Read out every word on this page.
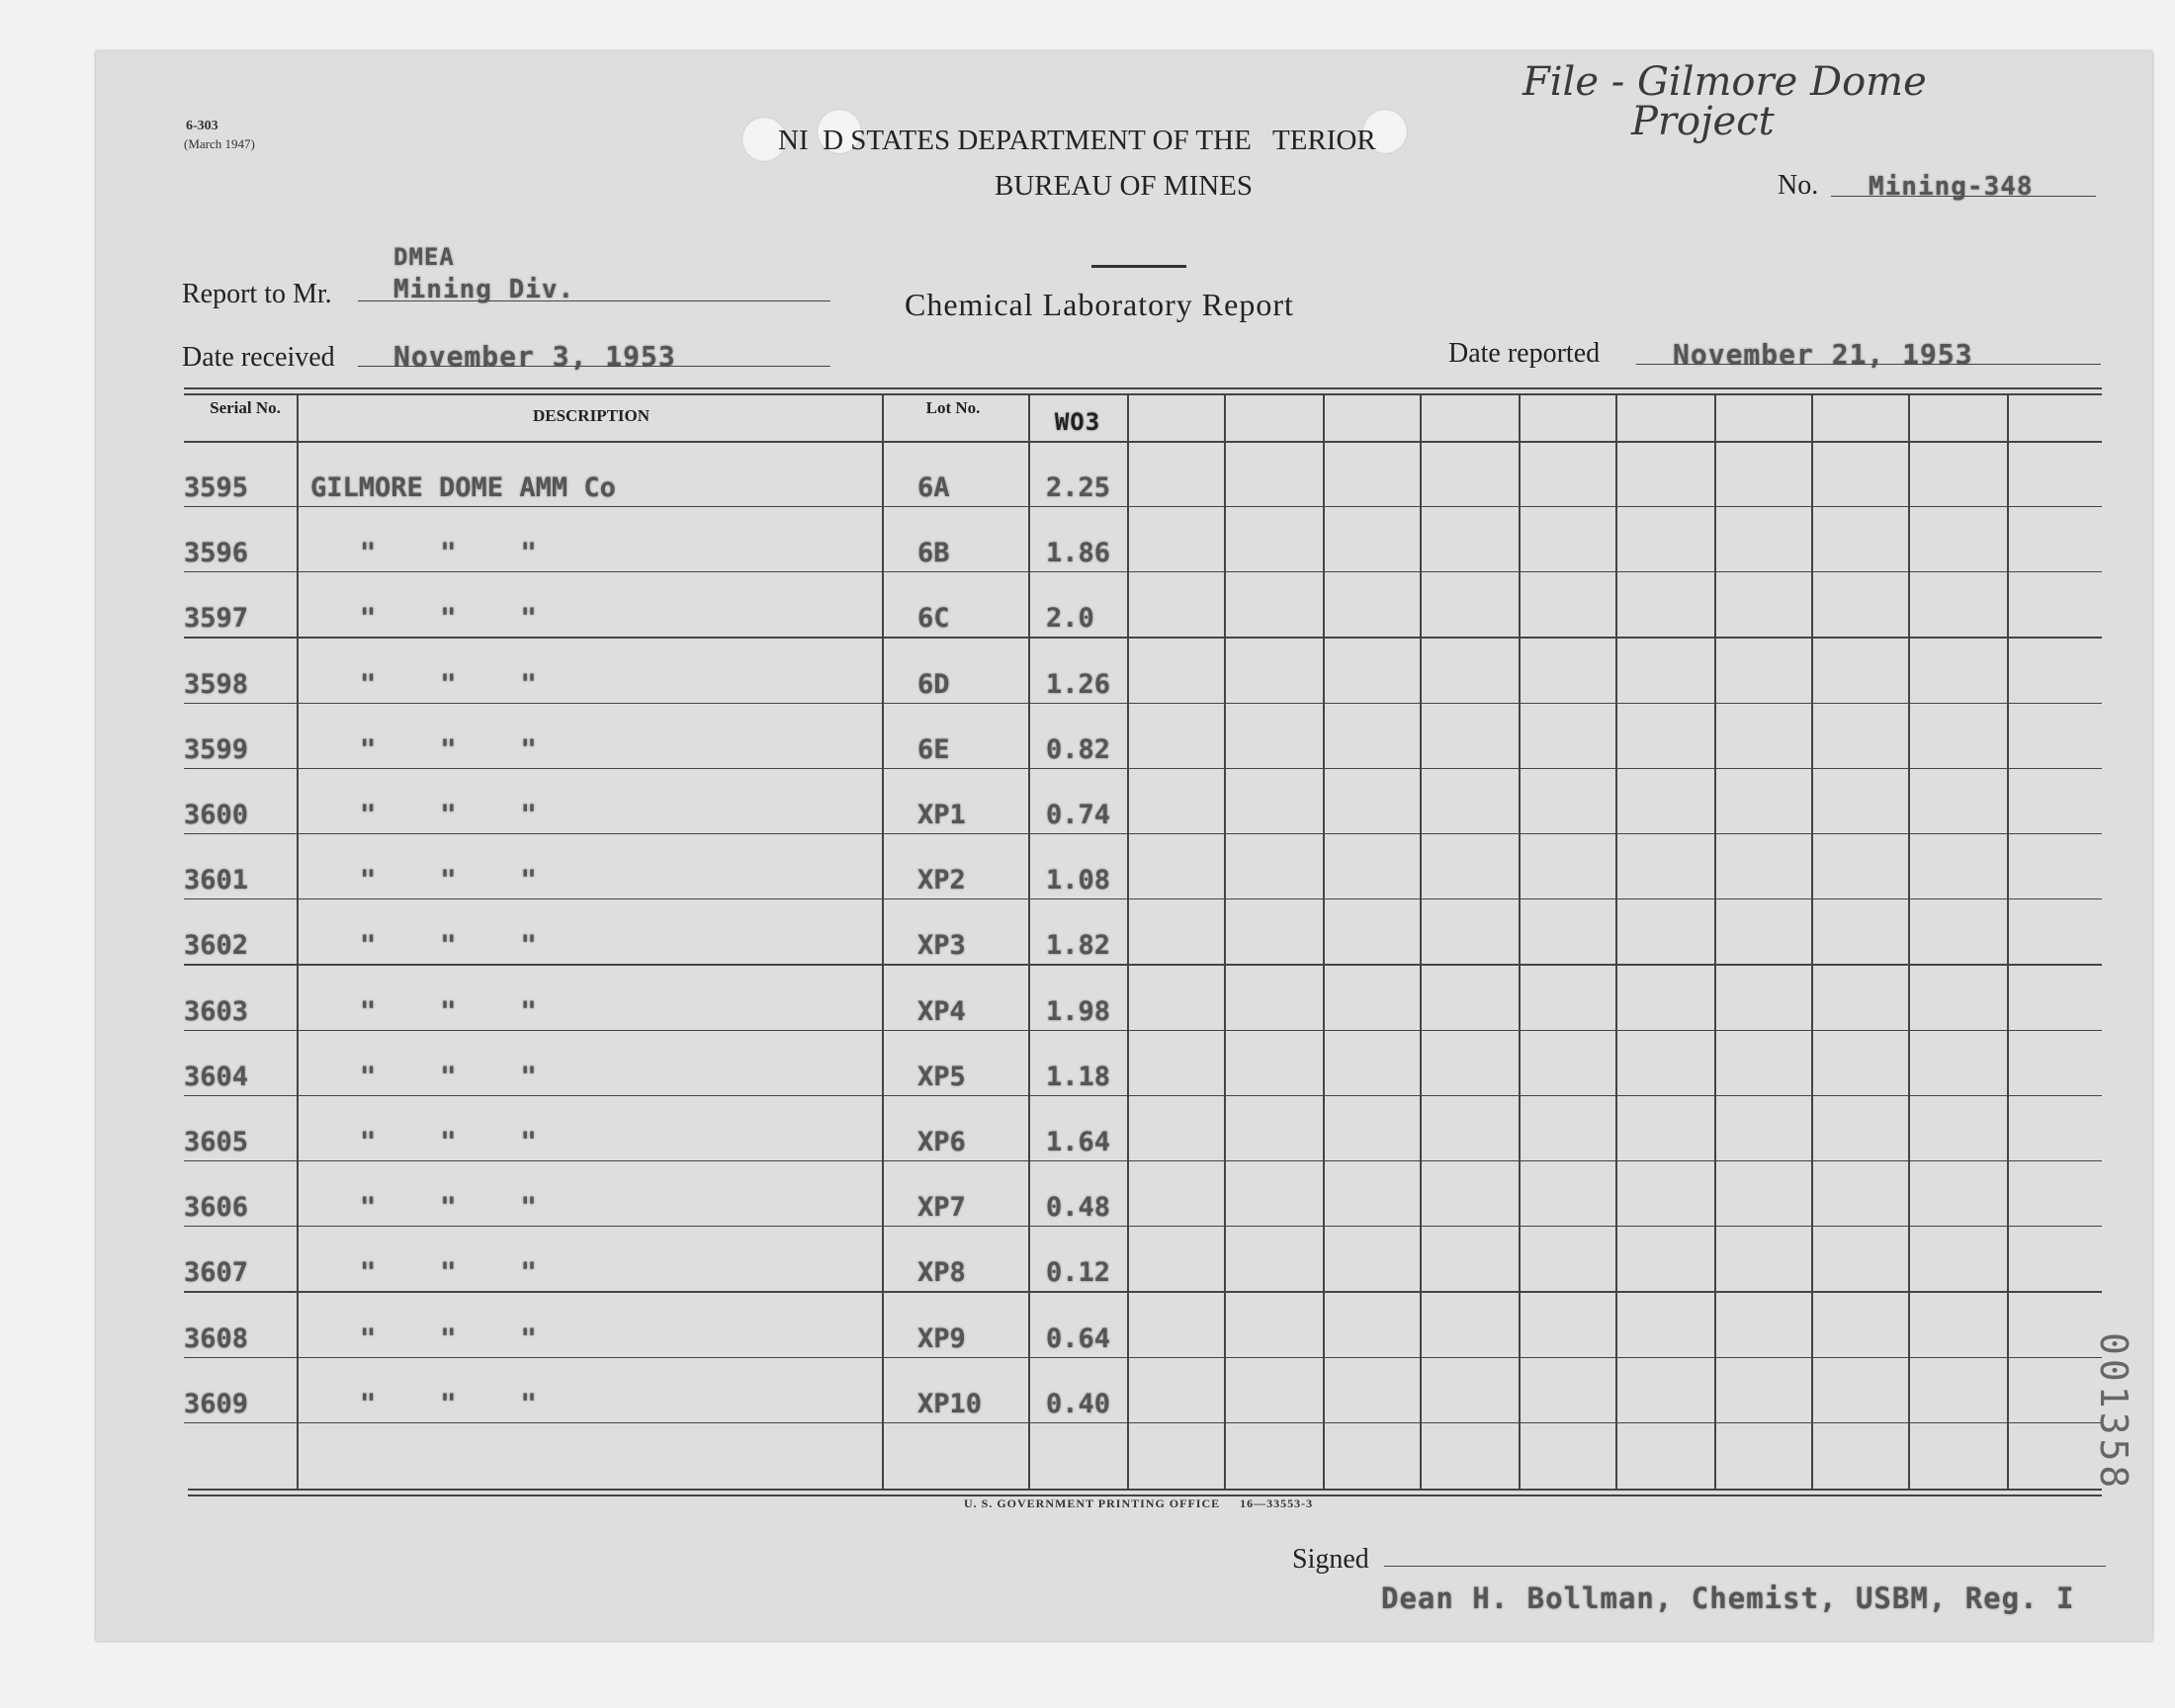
6-303
(March 1947)	NI  D STATES DEPARTMENT OF THE   TERIOR
BUREAU OF MINES
Chemical Laboratory Report
File - Gilmore Dome
Project
No. Mining-348
DMEA
Report to Mr. Mining Div.
Date received November 3, 1953	Date reported	November 21, 1953
Serial No.	DESCRIPTION	Lot No.
WO3
3595 GILMORE DOME AMM Co	6A	2.25
3596	"    "    "	6B	1.86
3597	"    "    "	6C	2.0
3598	"    "    "	6D	1.26
3599	"    "    "	6E	0.82
3600	"    "    "	XP1	0.74
3601	"    "    "	XP2	1.08
3602	"    "    "	XP3	1.82
3603	"    "    "	XP4	1.98
3604	"    "    "	XP5	1.18
3605	"    "    "	XP6	1.64
3606	"    "    "	XP7	0.48
3607	"    "    "	XP8	0.12
3608	"    "    "	XP9	0.64
3609	"    "    "	XP10 0.40
U. S. GOVERNMENT PRINTING OFFICE     16—33553-3
Signed
Dean H. Bollman, Chemist, USBM, Reg. I
001358
